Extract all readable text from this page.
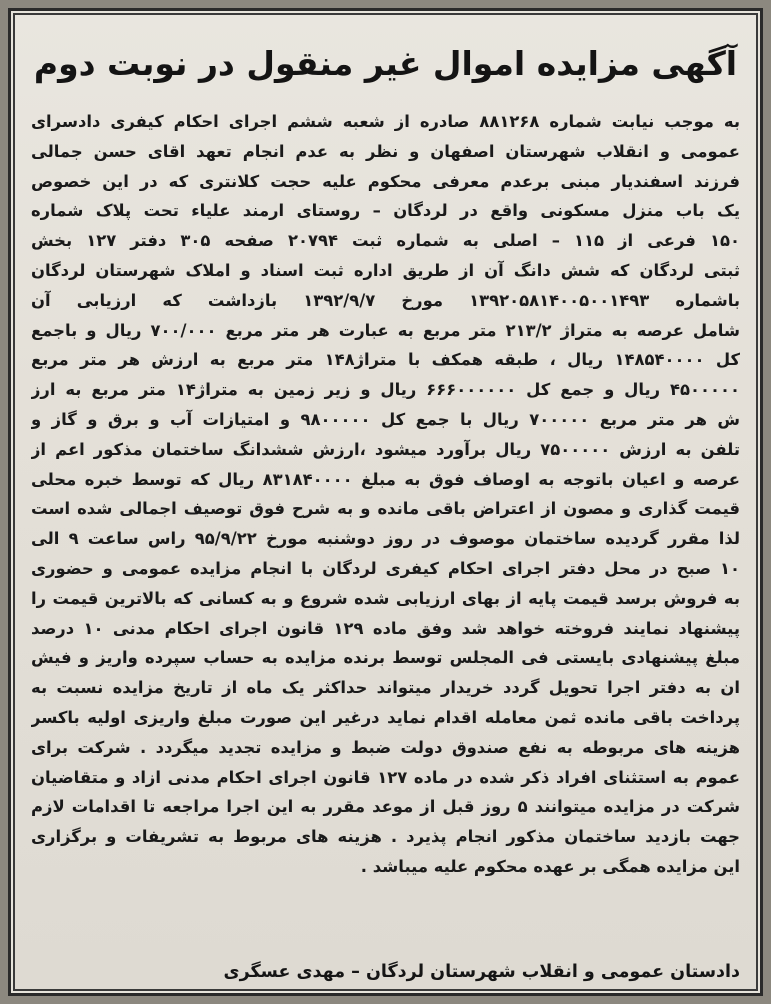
آگهی مزایده اموال غیر منقول در نوبت دوم
به موجب نیابت شماره ۸۸۱۲۶۸ صادره از شعبه ششم اجرای احکام کیفری دادسرای
عمومی و انقلاب شهرستان اصفهان و نظر به عدم انجام تعهد اقای حسن جمالی
فرزند اسفندیار مبنی برعدم معرفی محکوم علیه حجت کلانتری که در این خصوص
یک باب منزل مسکونی واقع در لردگان – روستای ارمند علیاء تحت پلاک شماره
۱۵۰ فرعی از ۱۱۵ – اصلی به شماره ثبت ۲۰۷۹۴ صفحه ۳۰۵ دفتر ۱۲۷ بخش
ثبتی لردگان که شش دانگ آن از طریق اداره ثبت اسناد و املاک شهرستان لردگان
باشماره ۱۳۹۲۰۵۸۱۴۰۰۵۰۰۱۴۹۳ مورخ ۱۳۹۲/۹/۷ بازداشت که ارزیابی آن
شامل عرصه به متراژ ۲۱۳/۲ متر مربع به عبارت هر متر مربع ۷۰۰/۰۰۰ ریال و باجمع
کل ۱۴۸۵۴۰۰۰۰ ریال ، طبقه همکف با متراژ۱۴۸ متر مربع به ارزش هر متر مربع
۴۵۰۰۰۰۰ ریال و جمع کل ۶۶۶۰۰۰۰۰۰ ریال و زیر زمین به متراژ۱۴ متر مربع به ارز
ش هر متر مربع ۷۰۰۰۰۰ ریال با جمع کل ۹۸۰۰۰۰۰ و امتیازات آب و برق و گاز و
تلفن به ارزش ۷۵۰۰۰۰۰ ریال برآورد میشود ،ارزش ششدانگ ساختمان مذکور اعم از
عرصه و اعیان باتوجه به اوصاف فوق به مبلغ ۸۳۱۸۴۰۰۰۰ ریال که توسط خبره محلی
قیمت گذاری و مصون از اعتراض باقی مانده و به شرح فوق توصیف اجمالی شده است
لذا مقرر گردیده ساختمان موصوف در روز دوشنبه مورخ ۹۵/۹/۲۲ راس ساعت ۹ الی
۱۰ صبح در محل دفتر اجرای احکام کیفری لردگان با انجام مزایده عمومی و حضوری
به فروش برسد قیمت پایه از بهای ارزیابی شده شروع و به کسانی که بالاترین قیمت را
پیشنهاد نمایند فروخته خواهد شد وفق ماده ۱۲۹ قانون اجرای احکام مدنی ۱۰ درصد
مبلغ پیشنهادی بایستی فی المجلس توسط برنده مزایده به حساب سپرده واریز و فیش
ان به دفتر اجرا تحویل گردد خریدار میتواند حداکثر یک ماه از تاریخ مزایده نسبت به
پرداخت باقی مانده ثمن معامله اقدام نماید درغیر این صورت مبلغ واریزی اولیه باکسر
هزینه های مربوطه به نفع صندوق دولت ضبط و مزایده تجدید میگردد . شرکت برای
عموم به استثنای افراد ذکر شده در ماده ۱۲۷ قانون اجرای احکام مدنی ازاد و متقاضیان
شرکت در مزایده میتوانند ۵ روز قبل از موعد مقرر به این اجرا مراجعه تا اقدامات لازم
جهت بازدید ساختمان مذکور انجام پذیرد . هزینه های مربوط به تشریفات و برگزاری
این مزایده همگی بر عهده محکوم علیه میباشد .
دادستان عمومی و انقلاب شهرستان لردگان – مهدی عسگری
